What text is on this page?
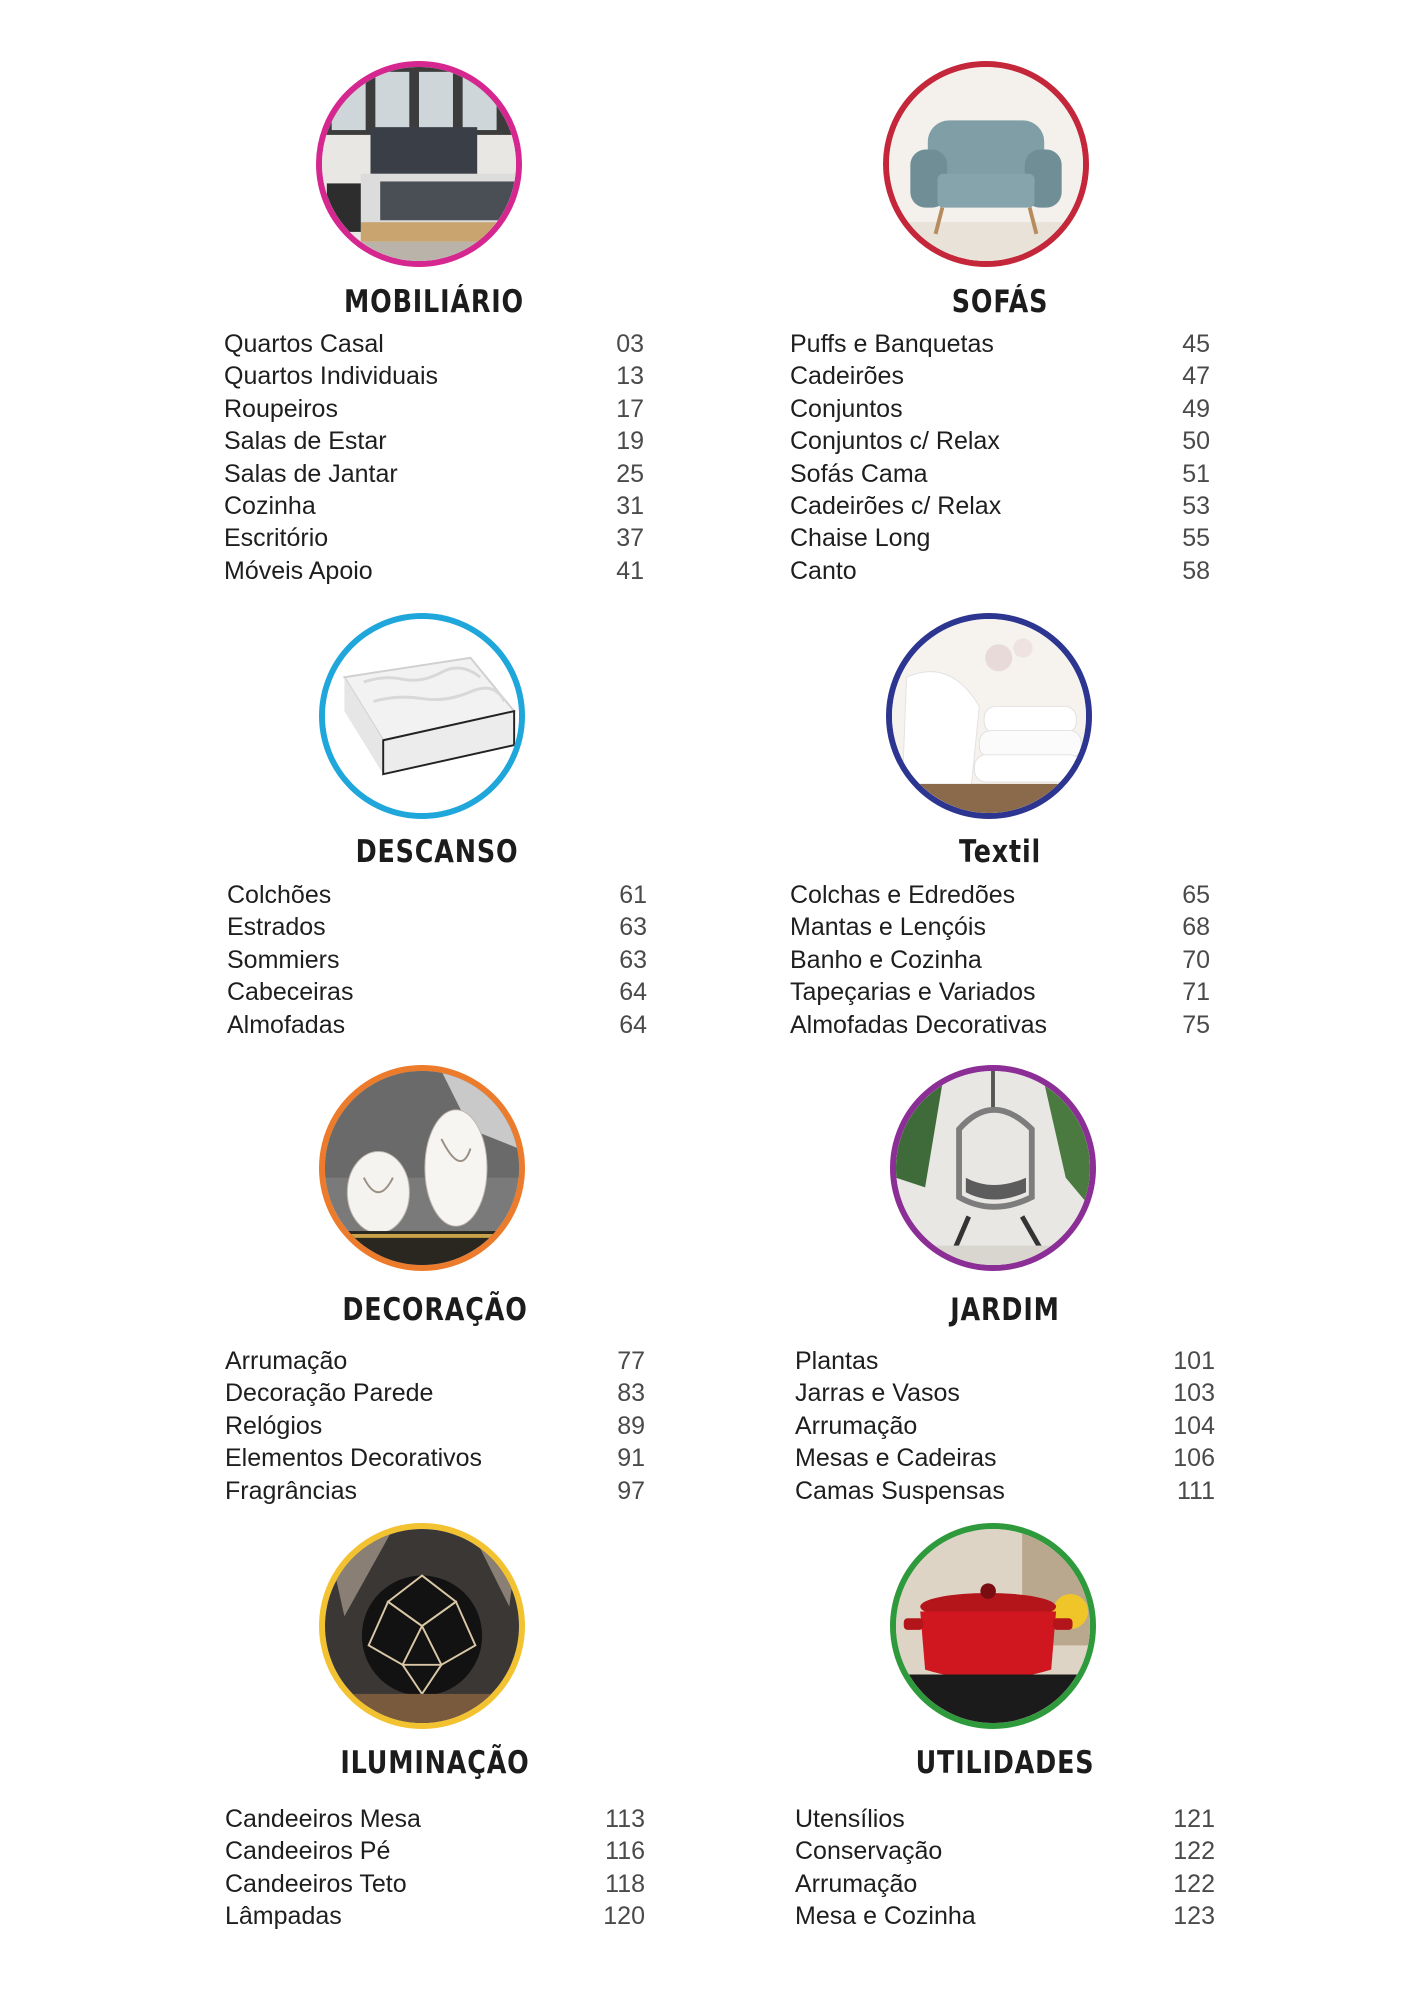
MOBILIÁRIO
Quartos Casal	03
Quartos Individuais	13
Roupeiros	17
Salas de Estar	19
Salas de Jantar	25
Cozinha	31
Escritório	37
Móveis Apoio	41
SOFÁS
Puffs e Banquetas	45
Cadeirões	47
Conjuntos	49
Conjuntos c/ Relax	50
Sofás Cama	51
Cadeirões c/ Relax	53
Chaise Long	55
Canto	58
DESCANSO
Colchões	61
Estrados	63
Sommiers	63
Cabeceiras	64
Almofadas	64
Textil
Colchas e Edredões	65
Mantas e Lençóis	68
Banho e Cozinha	70
Tapeçarias e Variados	71
Almofadas Decorativas	75
DECORAÇÃO
Arrumação	77
Decoração Parede	83
Relógios	89
Elementos Decorativos	91
Fragrâncias	97
JARDIM
Plantas	101
Jarras e Vasos	103
Arrumação	104
Mesas e Cadeiras	106
Camas Suspensas	111
ILUMINAÇÃO
Candeeiros Mesa	113
Candeeiros Pé	116
Candeeiros Teto	118
Lâmpadas	120
UTILIDADES
Utensílios	121
Conservação	122
Arrumação	122
Mesa e Cozinha	123
